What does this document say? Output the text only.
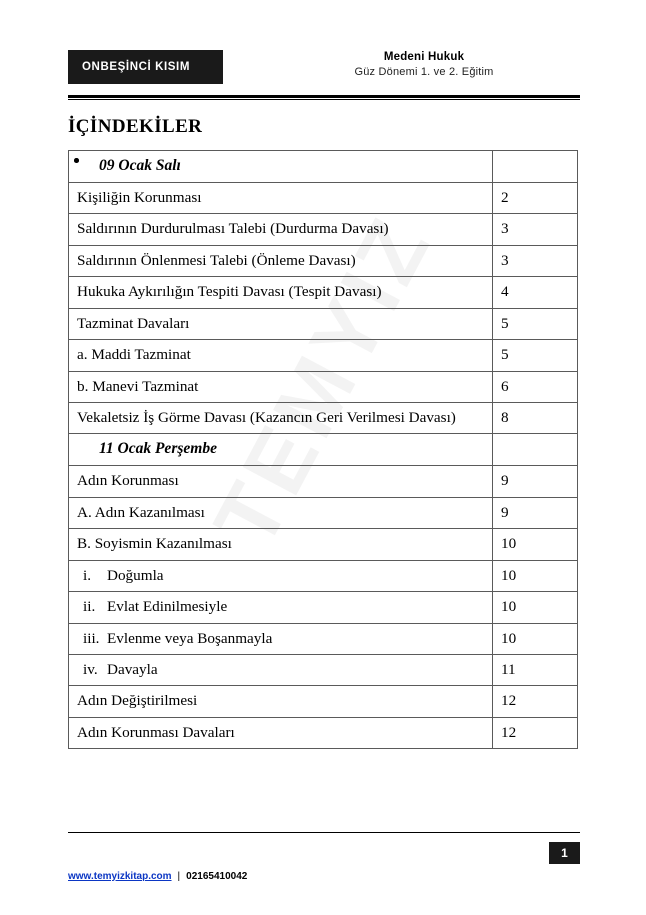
ONBEŞİNCİ KISIM
Medeni Hukuk
Güz Dönemi 1. ve 2. Eğitim
İÇİNDEKİLER
09 Ocak Salı	

Kişiliğin Korunması	2
Saldırının Durdurulması Talebi (Durdurma Davası)	3
Saldırının Önlenmesi Talebi (Önleme Davası)	3
Hukuka Aykırılığın Tespiti Davası (Tespit Davası)	4
Tazminat Davaları	5
a. Maddi Tazminat	5
b. Manevi Tazminat	6
Vekaletsiz İş Görme Davası (Kazancın Geri Verilmesi Davası)	8

11 Ocak Perşembe	

Adın Korunması	9
A. Adın Kazanılması	9
B. Soyismin Kazanılması	10
i. Doğumla	10
ii. Evlat Edinilmesiyle	10
iii. Evlenme veya Boşanmayla	10
iv. Davayla	11
Adın Değiştirilmesi	12
Adın Korunması Davaları	12
1
www.temyizkitap.com | 02165410042
